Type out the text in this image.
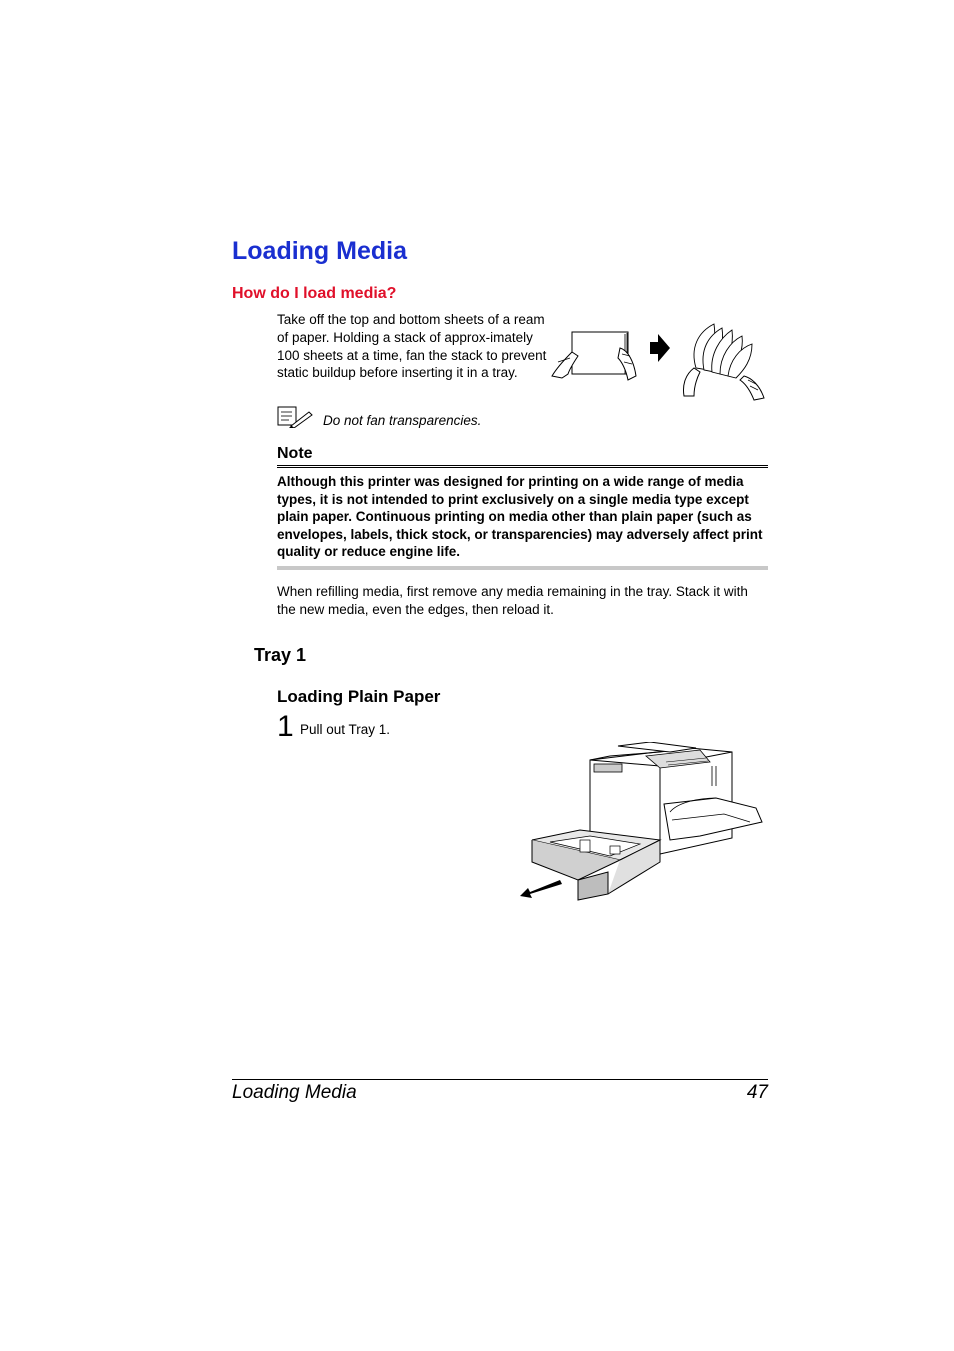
Loading Media
How do I load media?
Take off the top and bottom sheets of a ream of paper. Holding a stack of approx-imately 100 sheets at a time, fan the stack to prevent static buildup before inserting it in a tray.
Do not fan transparencies.
Note
Although this printer was designed for printing on a wide range of media types, it is not intended to print exclusively on a single media type except plain paper. Continuous printing on media other than plain paper (such as envelopes, labels, thick stock, or transparencies) may adversely affect print quality or reduce engine life.
When refilling media, first remove any media remaining in the tray. Stack it with the new media, even the edges, then reload it.
Tray 1
Loading Plain Paper
1 Pull out Tray 1.
Loading Media	47
